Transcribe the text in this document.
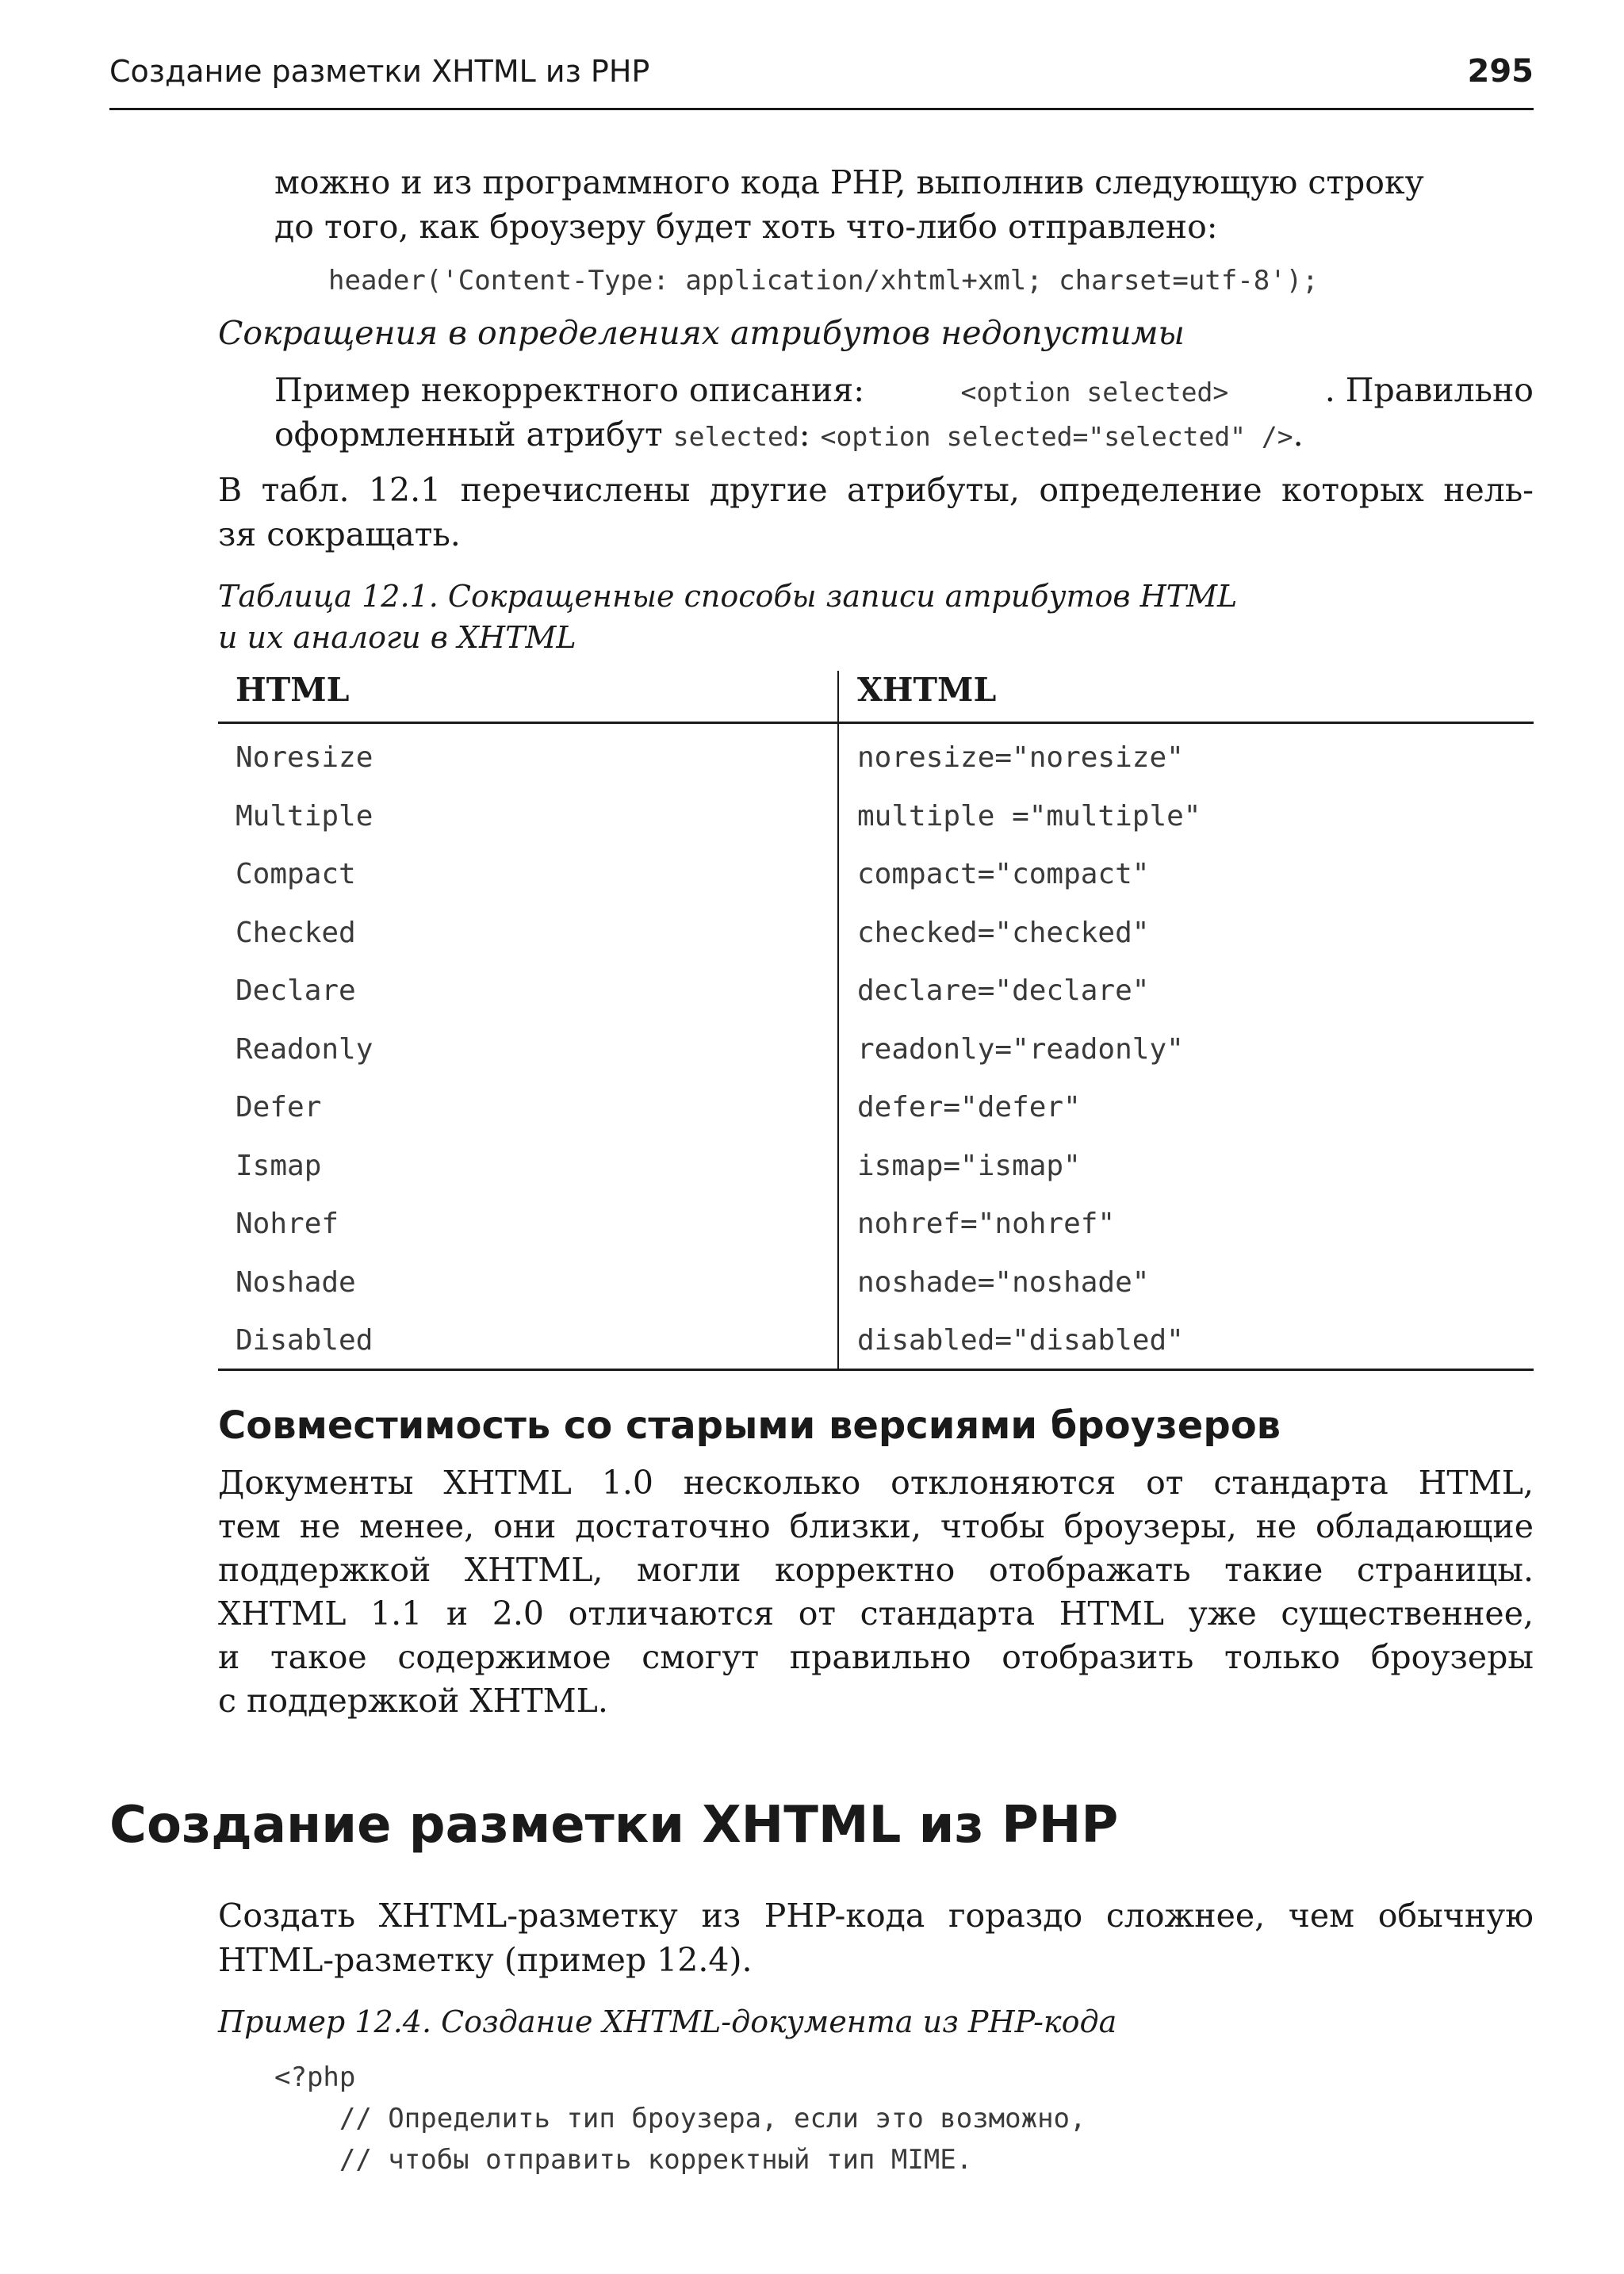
Создание разметки XHTML из PHP	295
можно и из программного кода PHP, выполнив следующую строку
до того, как броузеру будет хоть что-либо отправлено:
header('Content-Type: application/xhtml+xml; charset=utf-8');
Сокращения в определениях атрибутов недопустимы
Пример некорректного описания:	<option selected>	. Правильно
оформленный атрибут selected: <option selected="selected" />.
В табл. 12.1 перечислены другие атрибуты, определение которых нель-
зя сокращать.
Таблица 12.1. Сокращенные способы записи атрибутов HTML
и их аналоги в XHTML
HTML	XHTML
Noresize	noresize="noresize"
Multiple	multiple ="multiple"
Compact	compact="compact"
Checked	checked="checked"
Declare	declare="declare"
Readonly	readonly="readonly"
Defer	defer="defer"
Ismap	ismap="ismap"
Nohref	nohref="nohref"
Noshade	noshade="noshade"
Disabled	disabled="disabled"
Совместимость со старыми версиями броузеров
Документы XHTML 1.0 несколько отклоняются от стандарта HTML,
тем не менее, они достаточно близки, чтобы броузеры, не обладающие
поддержкой XHTML, могли корректно отображать такие страницы.
XHTML 1.1 и 2.0 отличаются от стандарта HTML уже существеннее,
и такое содержимое смогут правильно отобразить только броузеры
с поддержкой XHTML.
Создание разметки XHTML из PHP
Создать XHTML-разметку из PHP-кода гораздо сложнее, чем обычную
HTML-разметку (пример 12.4).
Пример 12.4. Создание XHTML-документа из PHP-кода
<?php
// Определить тип броузера, если это возможно,
// чтобы отправить корректный тип MIME.
